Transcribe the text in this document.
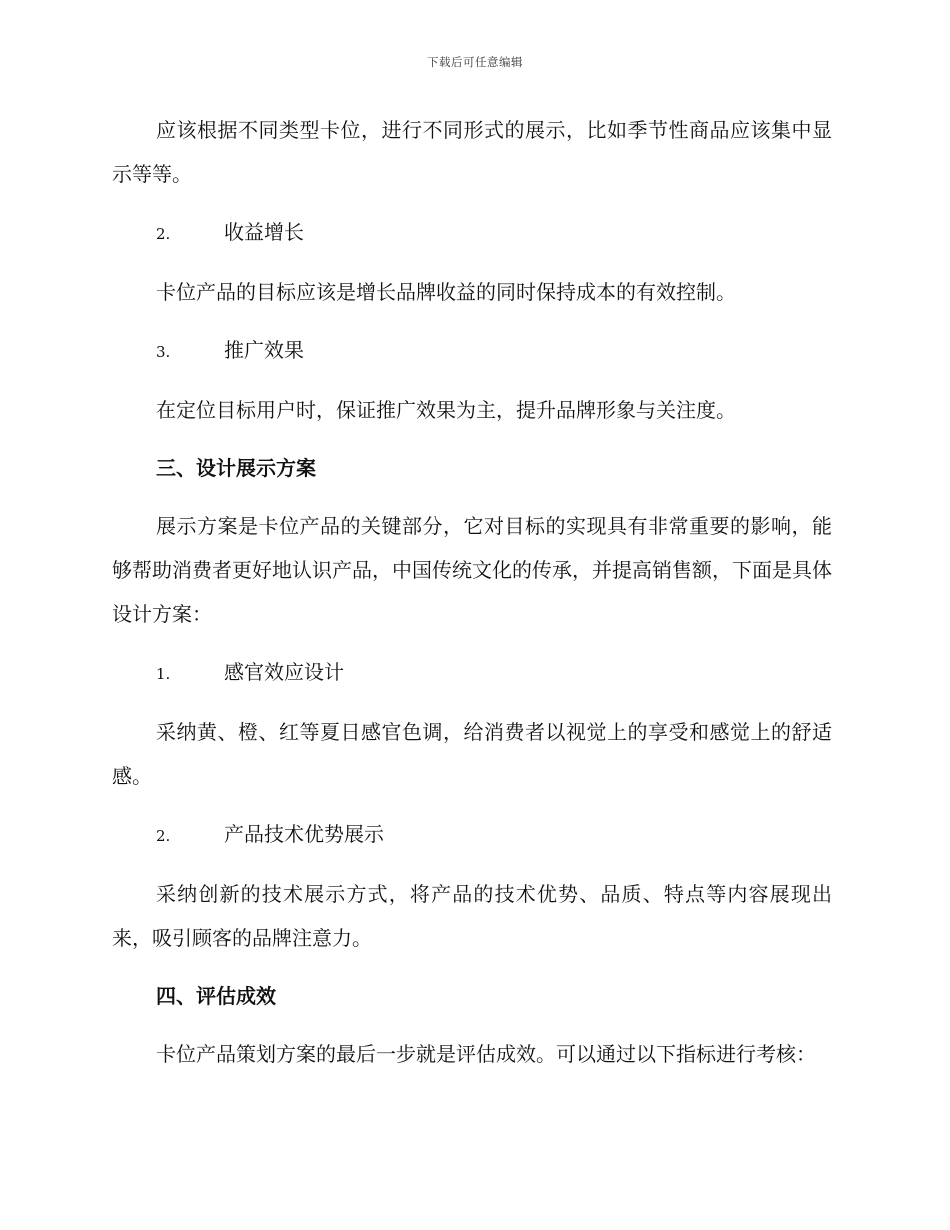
下载后可任意编辑

应该根据不同类型卡位，进行不同形式的展示，比如季节性商品应该集中显示等等。

2.	收益增长

卡位产品的目标应该是增长品牌收益的同时保持成本的有效控制。

3.	推广效果

在定位目标用户时，保证推广效果为主，提升品牌形象与关注度。

三、设计展示方案

展示方案是卡位产品的关键部分，它对目标的实现具有非常重要的影响，能够帮助消费者更好地认识产品，中国传统文化的传承，并提高销售额，下面是具体设计方案：

1.	感官效应设计

采纳黄、橙、红等夏日感官色调，给消费者以视觉上的享受和感觉上的舒适感。

2.	产品技术优势展示

采纳创新的技术展示方式，将产品的技术优势、品质、特点等内容展现出来，吸引顾客的品牌注意力。

四、评估成效

卡位产品策划方案的最后一步就是评估成效。可以通过以下指标进行考核：
